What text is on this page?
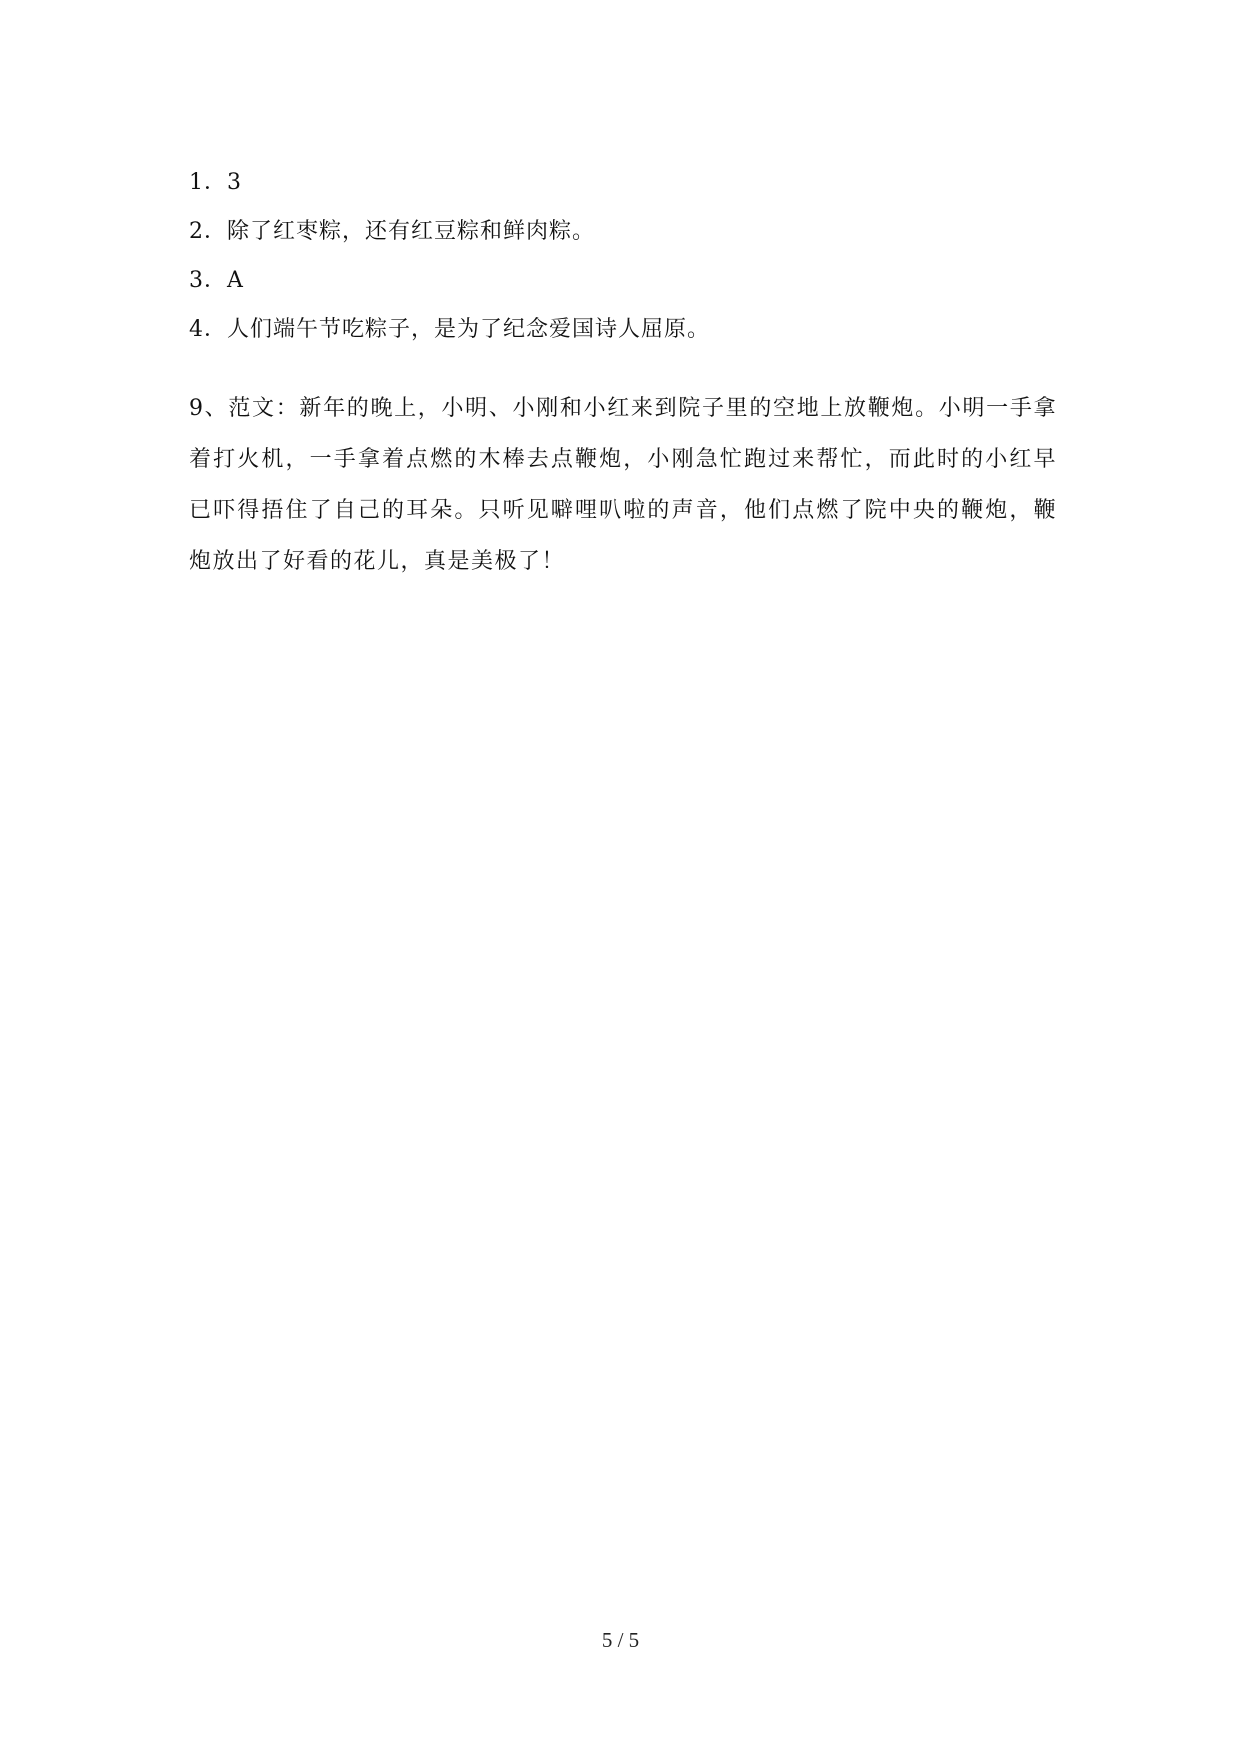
1．3
2．除了红枣粽，还有红豆粽和鲜肉粽。
3．A
4．人们端午节吃粽子，是为了纪念爱国诗人屈原。

9、范文：新年的晚上，小明、小刚和小红来到院子里的空地上放鞭炮。小明一手拿着打火机，一手拿着点燃的木棒去点鞭炮，小刚急忙跑过来帮忙，而此时的小红早已吓得捂住了自己的耳朵。只听见噼哩叭啦的声音，他们点燃了院中央的鞭炮，鞭炮放出了好看的花儿，真是美极了！

5 / 5
